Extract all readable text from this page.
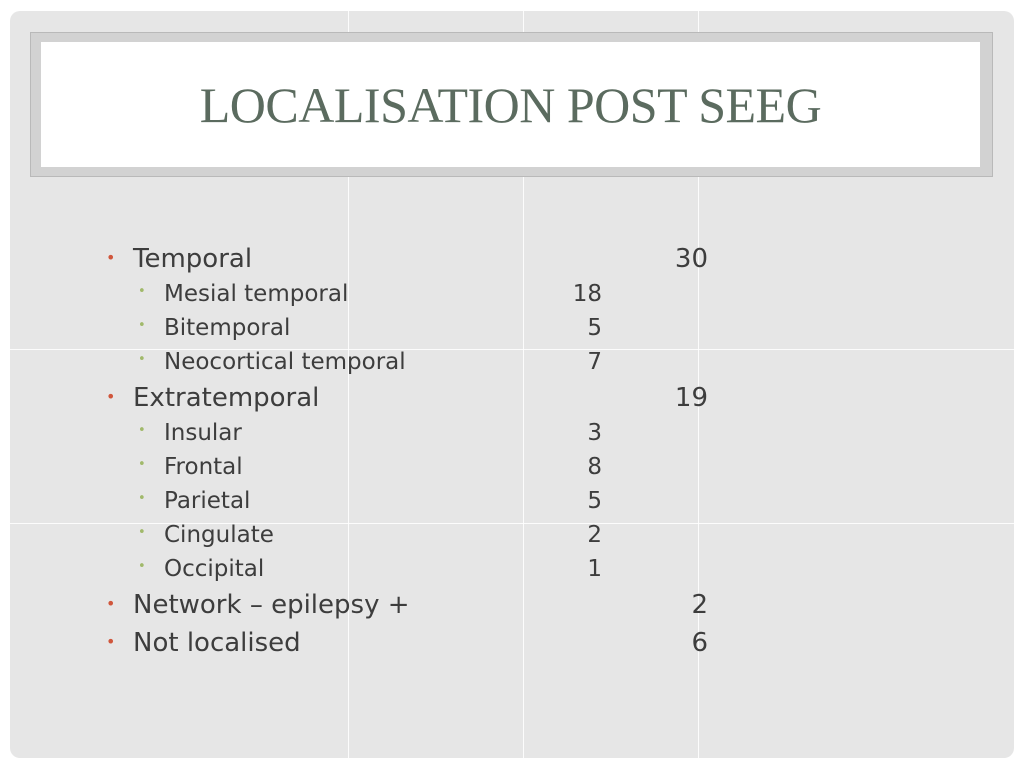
LOCALISATION POST SEEG
• Temporal	30
• Mesial temporal	18
• Bitemporal	5
• Neocortical temporal	7
• Extratemporal	19
• Insular	3
• Frontal	8
• Parietal	5
• Cingulate	2
• Occipital	1
• Network – epilepsy +	2
• Not localised	6
